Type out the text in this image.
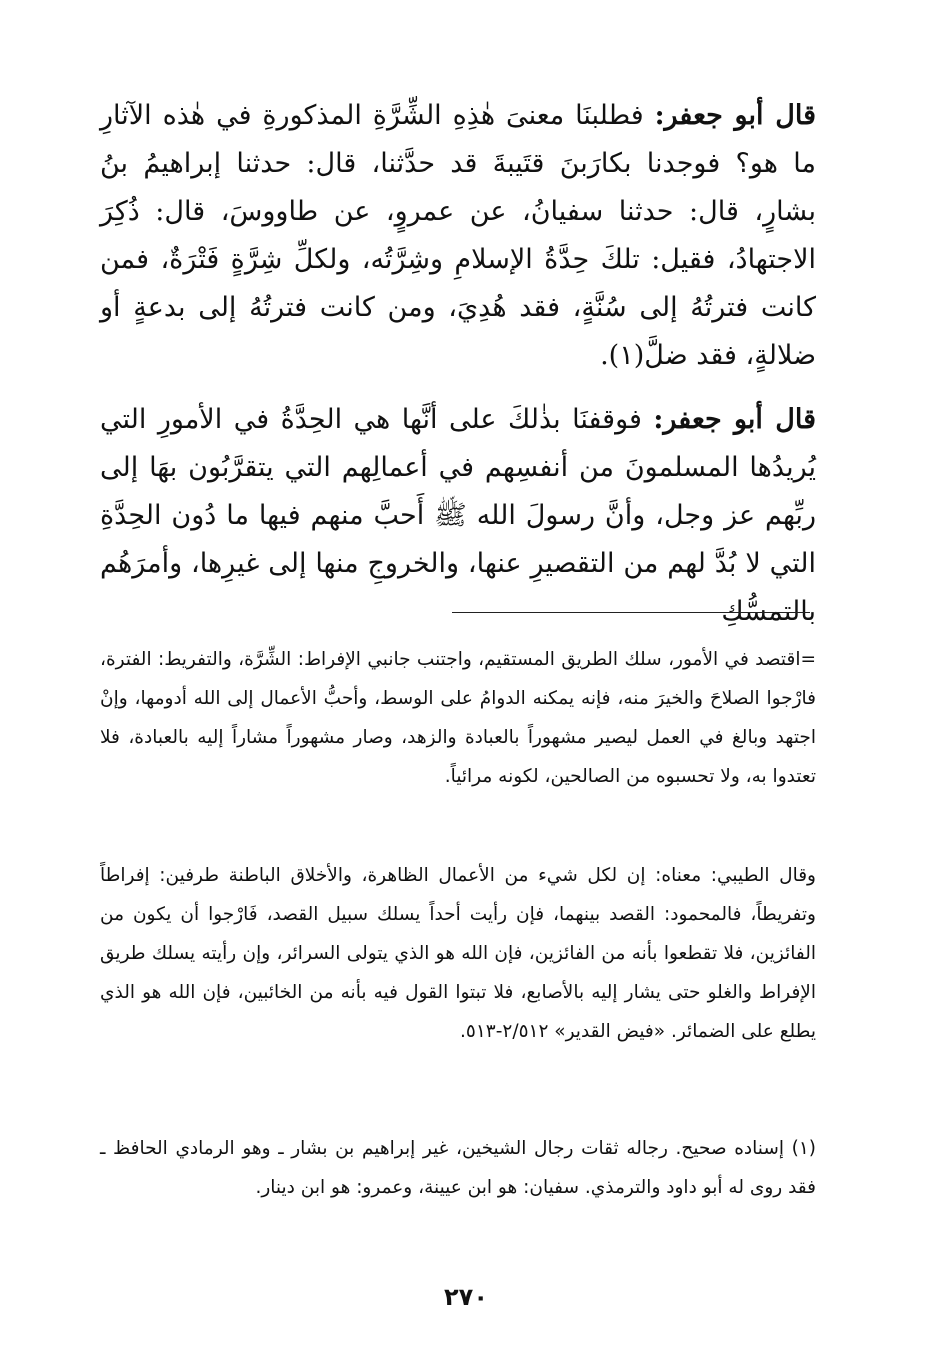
قال أبو جعفر: فطلبنَا معنىَ هٰذِهِ الشِّرَّةِ المذكورةِ في هٰذه الآثارِ ما هو؟ فوجدنا بكارَبنَ قتَيبةَ قد حدَّثنا، قال: حدثنا إبراهيمُ بنُ بشارٍ، قال: حدثنا سفيانُ، عن عمروٍ، عن طاووسَ، قال: ذُكِرَ الاجتهادُ، فقيل: تلكَ حِدَّةُ الإسلامِ وشِرَّتُه، ولكلِّ شِرَّةٍ فَتْرَةٌ، فمن كانت فترتُهُ إلى سُنَّةٍ، فقد هُدِيَ، ومن كانت فترتُهُ إلى بدعةٍ أو ضلالةٍ، فقد ضلَّ(١).

قال أبو جعفر: فوقفنَا بذٰلكَ على أنَّها هي الحِدَّةُ في الأمورِ التي يُريدُها المسلمونَ من أنفسِهم في أعمالِهم التي يتقرَّبُون بهَا إلى ربِّهم عز وجل، وأنَّ رسولَ الله ﷺ أَحبَّ منهم فيها ما دُون الحِدَّةِ التي لا بُدَّ لهم من التقصيرِ عنها، والخروجِ منها إلى غيرِها، وأمرَهُم بالتمسُّكِ

=اقتصد في الأمور، سلك الطريق المستقيم، واجتنب جانبي الإفراط: الشِّرَّة، والتفريط: الفترة، فارْجوا الصلاحَ والخيرَ منه، فإنه يمكنه الدوامُ على الوسط، وأحبُّ الأعمال إلى الله أدومها، وإنْ اجتهد وبالغ في العمل ليصير مشهوراً بالعبادة والزهد، وصار مشهوراً مشاراً إليه بالعبادة، فلا تعتدوا به، ولا تحسبوه من الصالحين، لكونه مرائياً.

وقال الطيبي: معناه: إن لكل شيء من الأعمال الظاهرة، والأخلاق الباطنة طرفين: إفراطاً وتفريطاً، فالمحمود: القصد بينهما، فإن رأيت أحداً يسلك سبيل القصد، فَارْجوا أن يكون من الفائزين، فلا تقطعوا بأنه من الفائزين، فإن الله هو الذي يتولى السرائر، وإن رأيته يسلك طريق الإفراط والغلو حتى يشار إليه بالأصابع، فلا تبتوا القول فيه بأنه من الخائبين، فإن الله هو الذي يطلع على الضمائر. «فيض القدير» ٢/٥١٢-٥١٣.

(١) إسناده صحيح. رجاله ثقات رجال الشيخين، غير إبراهيم بن بشار ـ وهو الرمادي الحافظ ـ فقد روى له أبو داود والترمذي. سفيان: هو ابن عيينة، وعمرو: هو ابن دينار.

٢٧٠
